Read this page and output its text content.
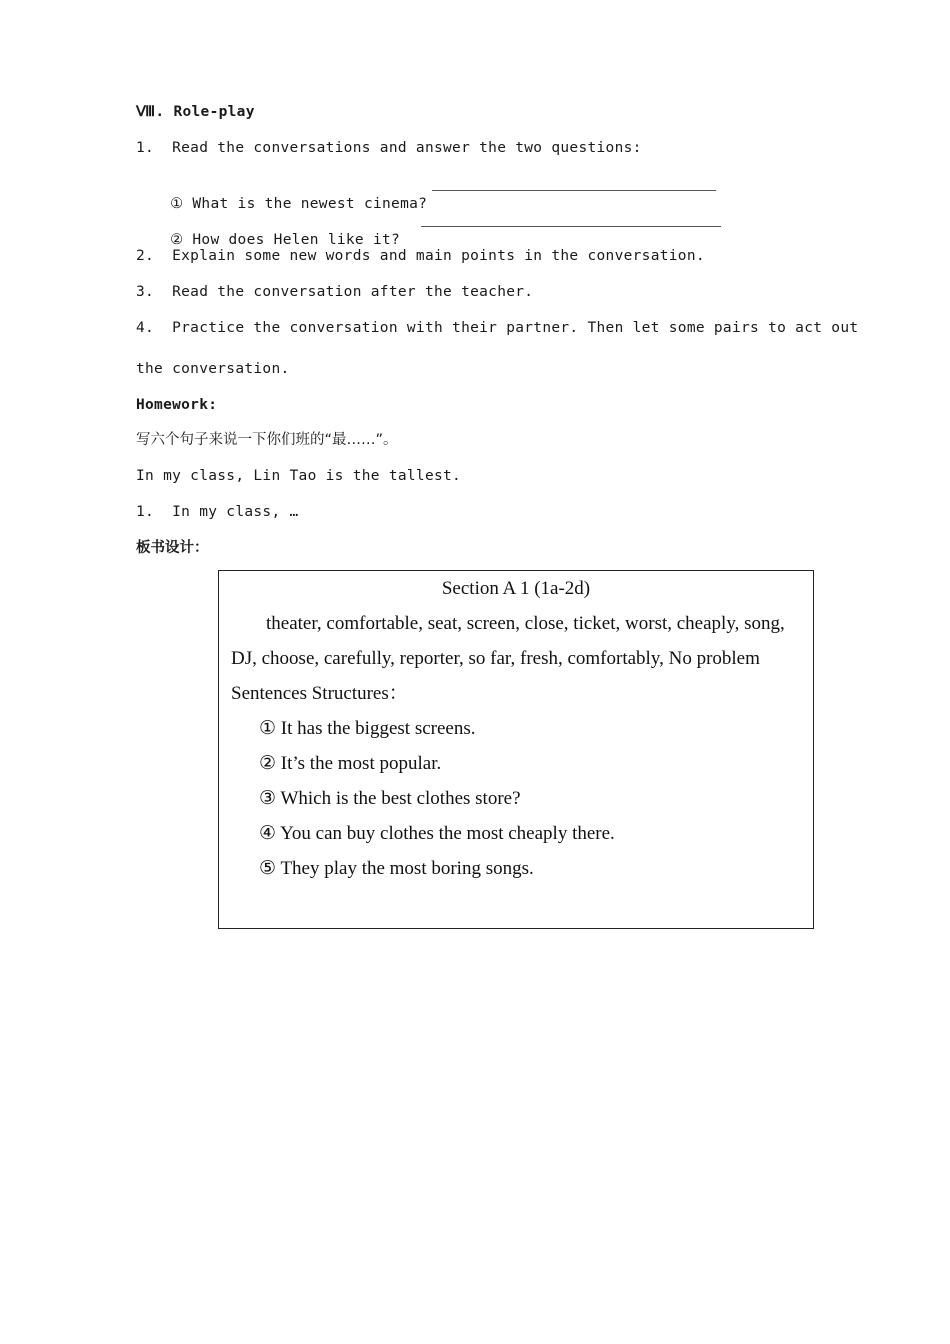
Ⅷ. Role-play
1.  Read the conversations and answer the two questions:

① What is the newest cinema?

② How does Helen like it?

2.  Explain some new words and main points in the conversation.
3.  Read the conversation after the teacher.
4.  Practice the conversation with their partner. Then let some pairs to act out
the conversation.
Homework:
写六个句子来说一下你们班的“最……”。
In my class, Lin Tao is the tallest.
1.  In my class, …
板书设计：
Section A 1 (1a-2d)
theater, comfortable, seat, screen, close, ticket, worst, cheaply, song,
DJ, choose, carefully, reporter, so far, fresh, comfortably, No problem
Sentences Structures：
① It has the biggest screens.
② It’s the most popular.
③ Which is the best clothes store?
④ You can buy clothes the most cheaply there.
⑤ They play the most boring songs.
